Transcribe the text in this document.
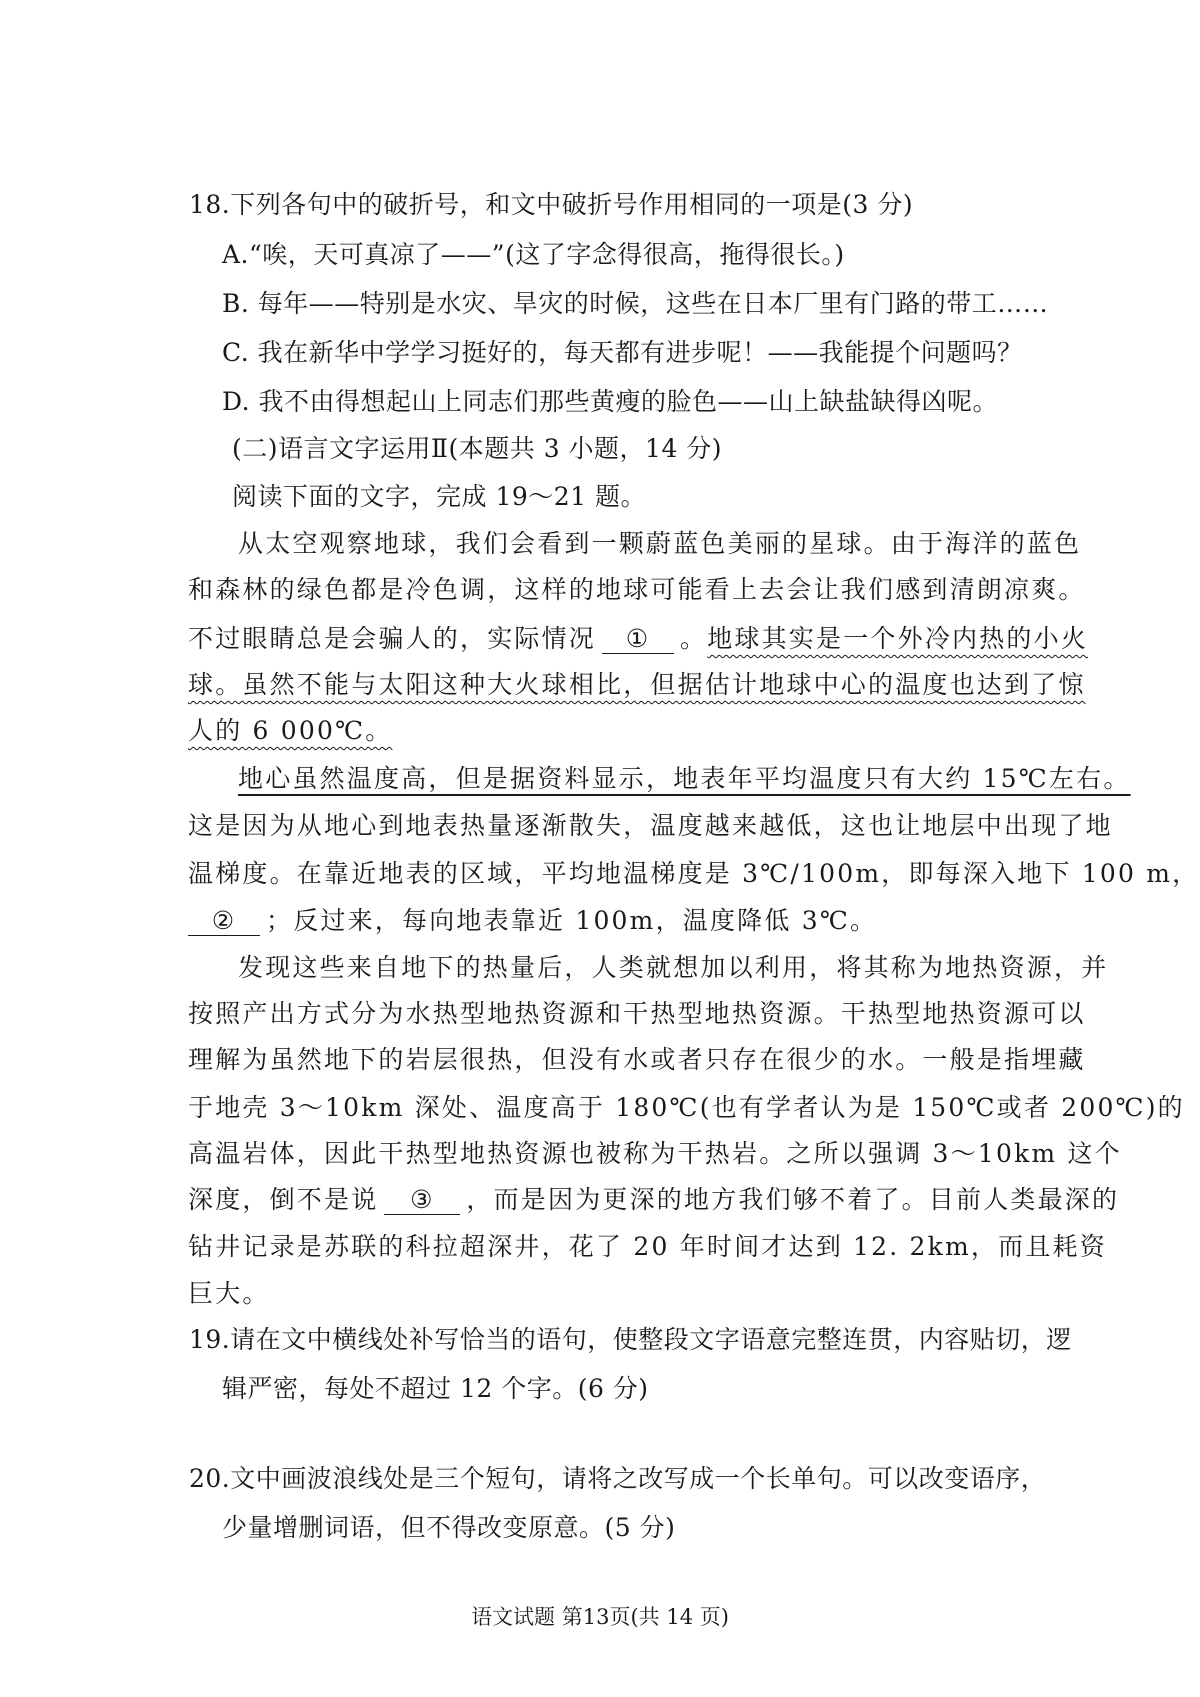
18.下列各句中的破折号，和文中破折号作用相同的一项是(3 分)
A.“唉，天可真凉了——”(这了字念得很高，拖得很长。)
B. 每年——特别是水灾、旱灾的时候，这些在日本厂里有门路的带工……
C. 我在新华中学学习挺好的，每天都有进步呢！——我能提个问题吗？
D. 我不由得想起山上同志们那些黄瘦的脸色——山上缺盐缺得凶呢。
(二)语言文字运用Ⅱ(本题共 3 小题，14 分)
阅读下面的文字，完成 19～21 题。
从太空观察地球，我们会看到一颗蔚蓝色美丽的星球。由于海洋的蓝色
和森林的绿色都是冷色调，这样的地球可能看上去会让我们感到清朗凉爽。
不过眼睛总是会骗人的，实际情况 ① 。地球其实是一个外冷内热的小火
球。虽然不能与太阳这种大火球相比，但据估计地球中心的温度也达到了惊
人的 6 000℃。
地心虽然温度高，但是据资料显示，地表年平均温度只有大约 15℃左右。
这是因为从地心到地表热量逐渐散失，温度越来越低，这也让地层中出现了地
温梯度。在靠近地表的区域，平均地温梯度是 3℃/100m，即每深入地下 100 m，
② ；反过来，每向地表靠近 100m，温度降低 3℃。
发现这些来自地下的热量后，人类就想加以利用，将其称为地热资源，并
按照产出方式分为水热型地热资源和干热型地热资源。干热型地热资源可以
理解为虽然地下的岩层很热，但没有水或者只存在很少的水。一般是指埋藏
于地壳 3～10km 深处、温度高于 180℃(也有学者认为是 150℃或者 200℃)的
高温岩体，因此干热型地热资源也被称为干热岩。之所以强调 3～10km 这个
深度，倒不是说 ③ ，而是因为更深的地方我们够不着了。目前人类最深的
钻井记录是苏联的科拉超深井，花了 20 年时间才达到 12. 2km，而且耗资
巨大。
19.请在文中横线处补写恰当的语句，使整段文字语意完整连贯，内容贴切，逻
辑严密，每处不超过 12 个字。(6 分)
20.文中画波浪线处是三个短句，请将之改写成一个长单句。可以改变语序，
少量增删词语，但不得改变原意。(5 分)
语文试题 第13页(共 14 页)
